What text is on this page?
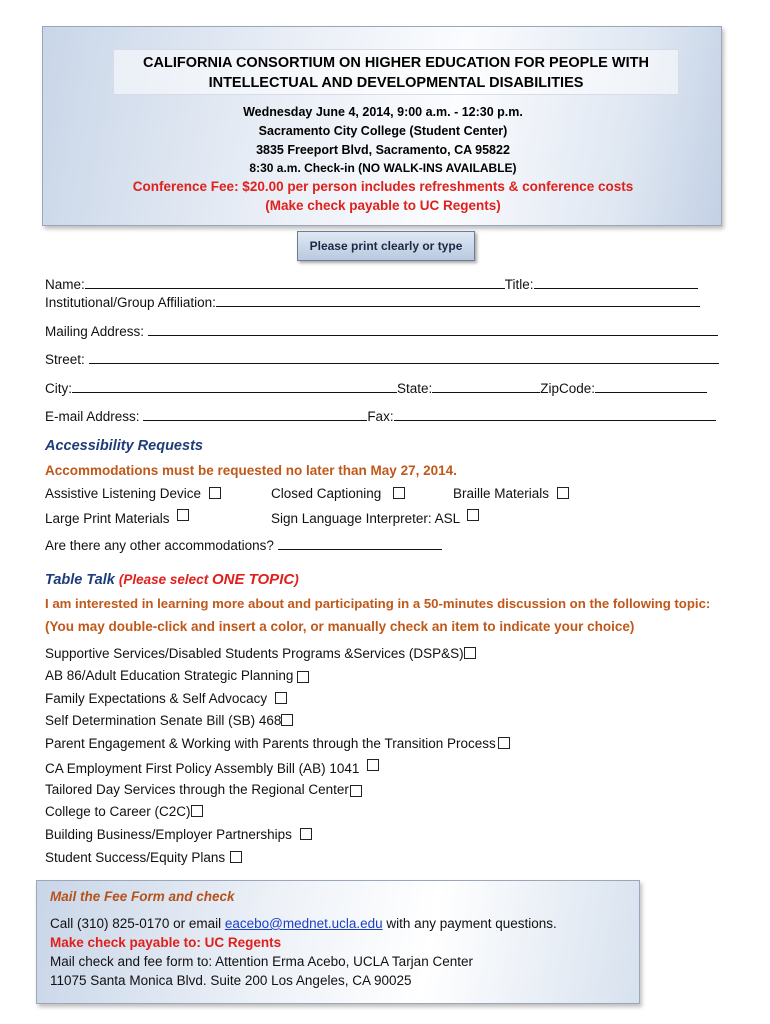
CALIFORNIA CONSORTIUM ON HIGHER EDUCATION FOR PEOPLE WITH
INTELLECTUAL AND DEVELOPMENTAL DISABILITIES
Wednesday June 4, 2014, 9:00 a.m. - 12:30 p.m.
Sacramento City College (Student Center)
3835 Freeport Blvd, Sacramento, CA 95822
8:30 a.m. Check-in (NO WALK-INS AVAILABLE)
Conference Fee: $20.00 per person includes refreshments & conference costs
(Make check payable to UC Regents)
Please print clearly or type
Name:	Title:
Institutional/Group Affiliation:
Mailing Address:
Street:
City:	State:	ZipCode:
E-mail Address:	Fax:
Accessibility Requests
Accommodations must be requested no later than May 27, 2014.
Assistive Listening Device	Closed Captioning	Braille Materials
Large Print Materials	Sign Language Interpreter: ASL
Are there any other accommodations?
Table Talk (Please select ONE TOPIC)
I am interested in learning more about and participating in a 50-minutes discussion on the following topic:
(You may double-click and insert a color, or manually check an item to indicate your choice)
Supportive Services/Disabled Students Programs &Services (DSP&S)
AB 86/Adult Education Strategic Planning
Family Expectations & Self Advocacy
Self Determination Senate Bill (SB) 468
Parent Engagement & Working with Parents through the Transition Process
CA Employment First Policy Assembly Bill (AB) 1041
Tailored Day Services through the Regional Center
College to Career (C2C)
Building Business/Employer Partnerships
Student Success/Equity Plans
Mail the Fee Form and check
Call (310) 825-0170 or email eacebo@mednet.ucla.edu with any payment questions.
Make check payable to: UC Regents
Mail check and fee form to: Attention Erma Acebo, UCLA Tarjan Center
11075 Santa Monica Blvd. Suite 200 Los Angeles, CA 90025
